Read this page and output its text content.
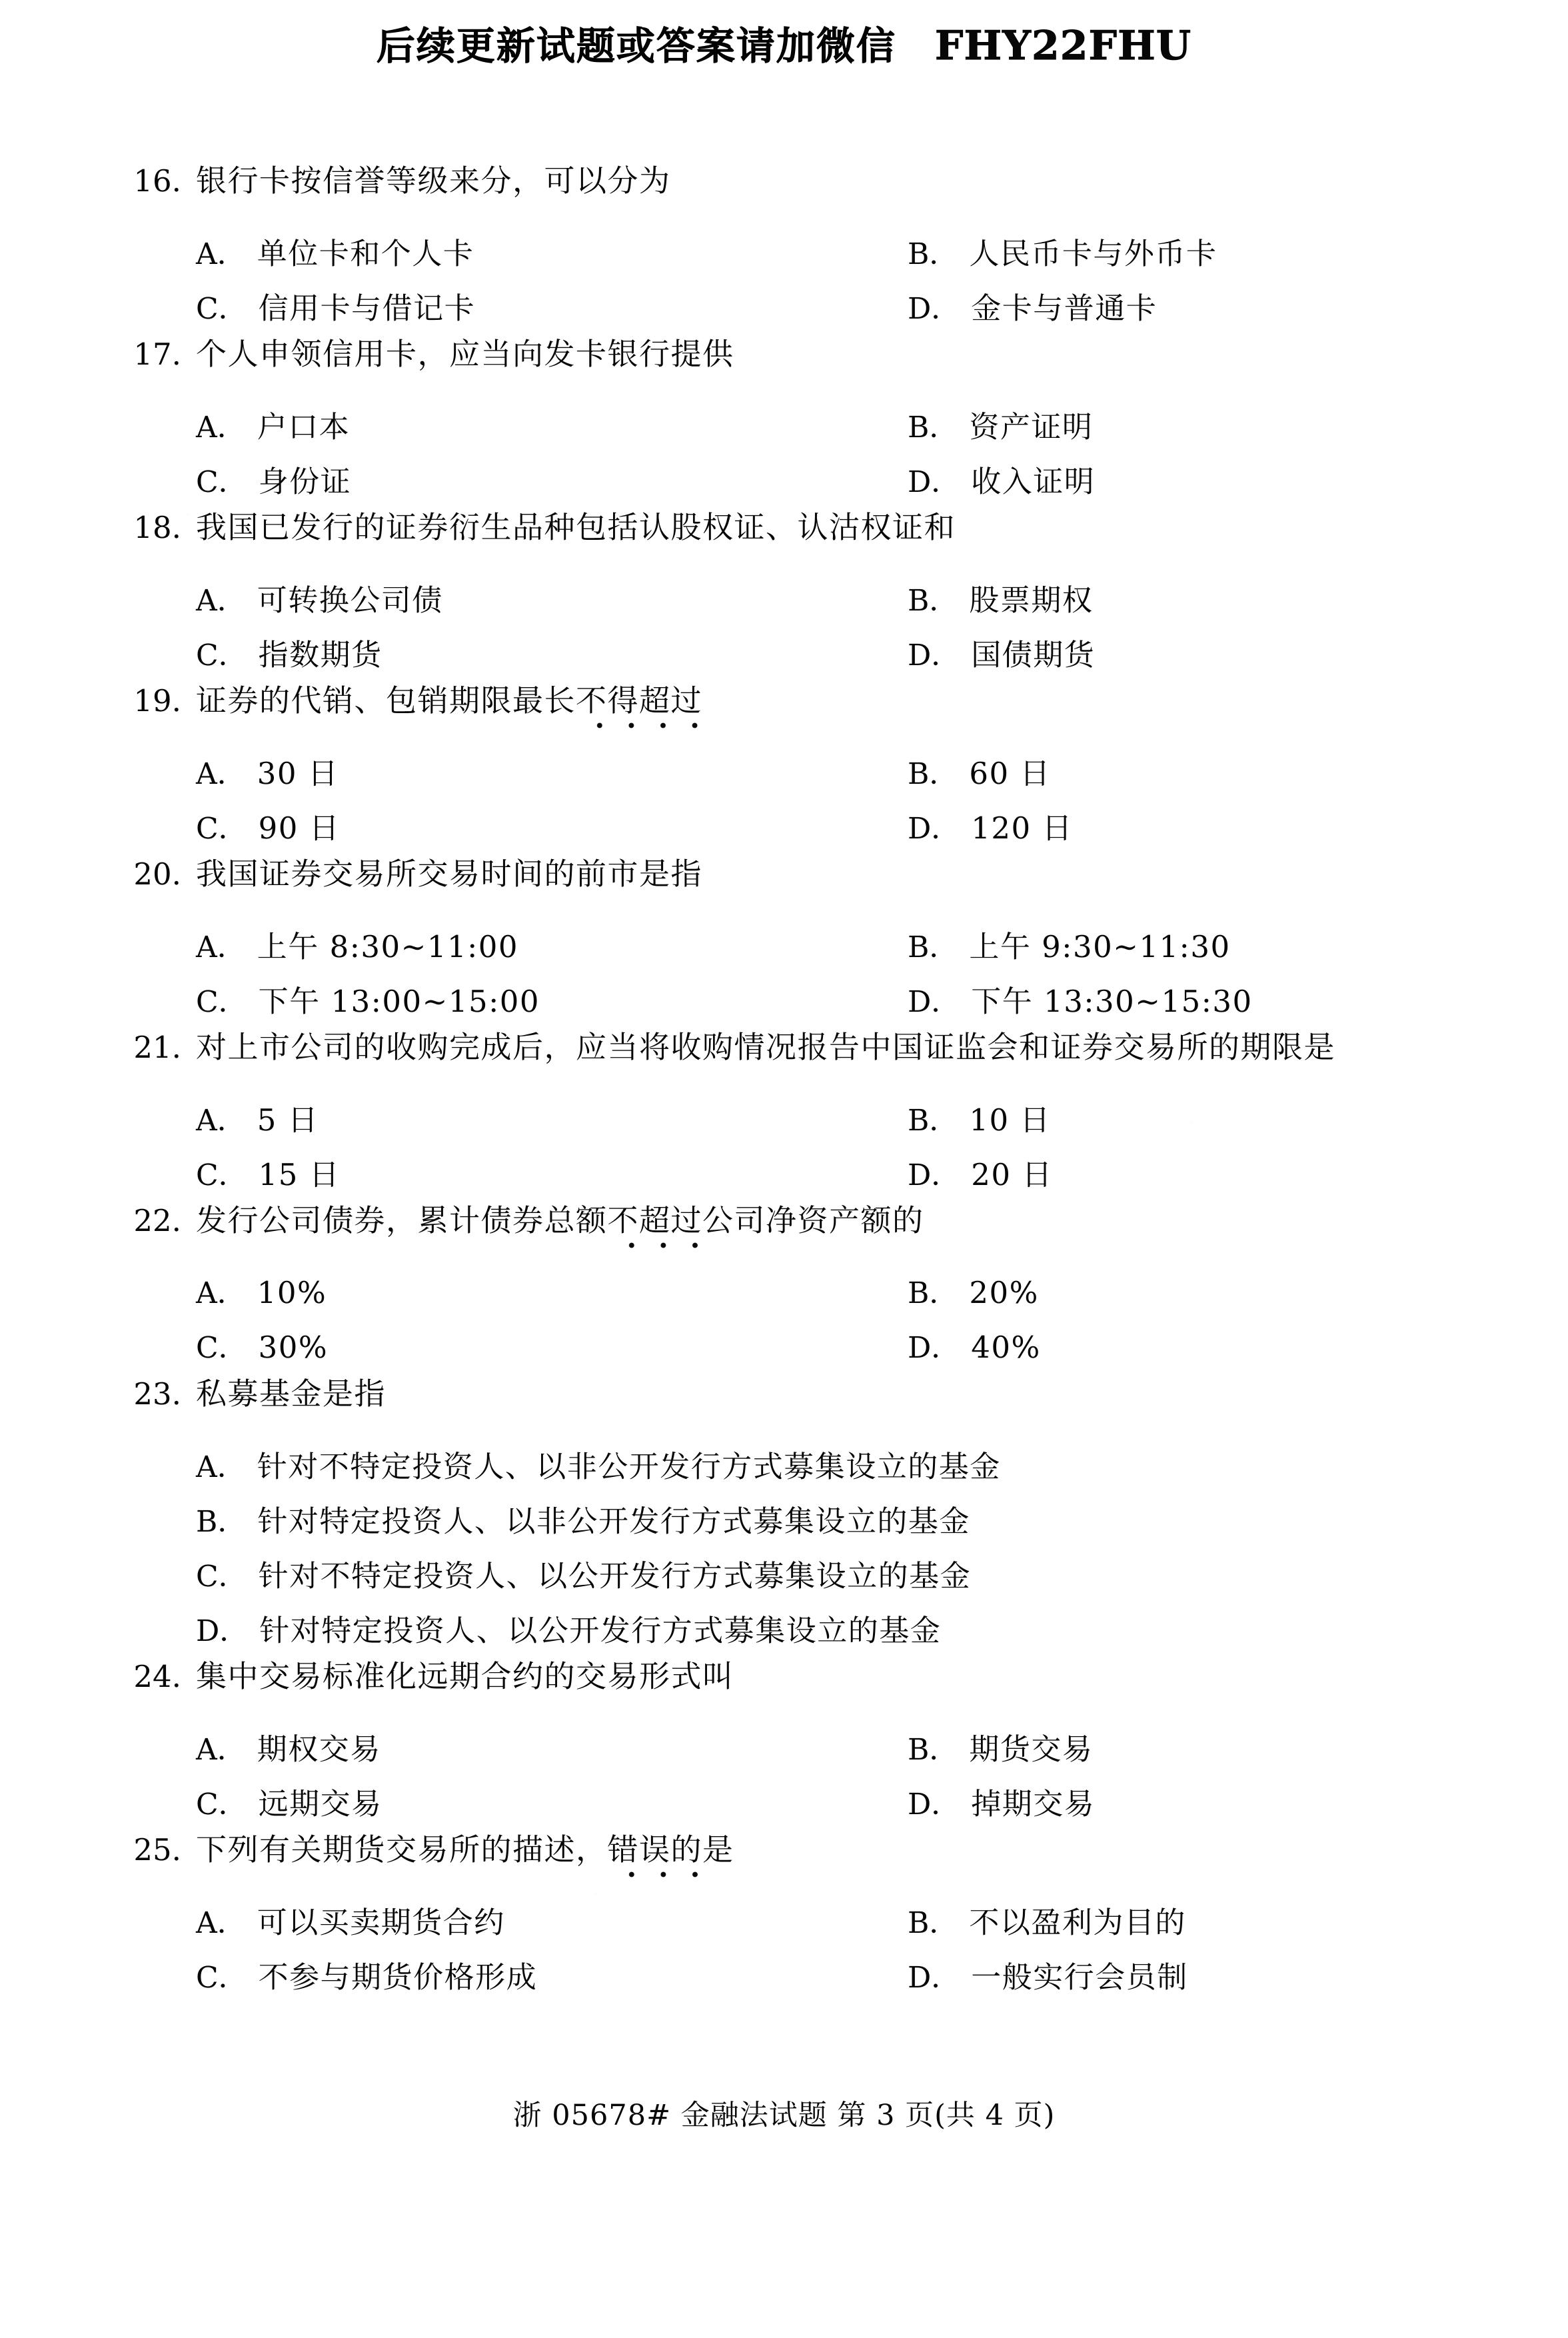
后续更新试题或答案请加微信 FHY22FHU
16. 银行卡按信誉等级来分，可以分为
A． 单位卡和个人卡	B． 人民币卡与外币卡
C． 信用卡与借记卡	D． 金卡与普通卡
17. 个人申领信用卡，应当向发卡银行提供
A． 户口本	B． 资产证明
C． 身份证	D． 收入证明
18. 我国已发行的证券衍生品种包括认股权证、认沽权证和
A． 可转换公司债	B． 股票期权
C． 指数期货	D． 国债期货
19. 证券的代销、包销期限最长不得超过
A． 30 日	B． 60 日
C． 90 日	D． 120 日
20. 我国证券交易所交易时间的前市是指
A． 上午 8:30~11:00	B． 上午 9:30~11:30
C． 下午 13:00~15:00	D． 下午 13:30~15:30
21. 对上市公司的收购完成后，应当将收购情况报告中国证监会和证券交易所的期限是
A． 5 日	B． 10 日
C． 15 日	D． 20 日
22. 发行公司债券，累计债券总额不超过公司净资产额的
A． 10%	B． 20%
C． 30%	D． 40%
23. 私募基金是指
A． 针对不特定投资人、以非公开发行方式募集设立的基金
B． 针对特定投资人、以非公开发行方式募集设立的基金
C． 针对不特定投资人、以公开发行方式募集设立的基金
D． 针对特定投资人、以公开发行方式募集设立的基金
24. 集中交易标准化远期合约的交易形式叫
A． 期权交易	B． 期货交易
C． 远期交易	D． 掉期交易
25. 下列有关期货交易所的描述，错误的是
A． 可以买卖期货合约	B． 不以盈利为目的
C． 不参与期货价格形成	D． 一般实行会员制
浙 05678# 金融法试题 第 3 页(共 4 页)
